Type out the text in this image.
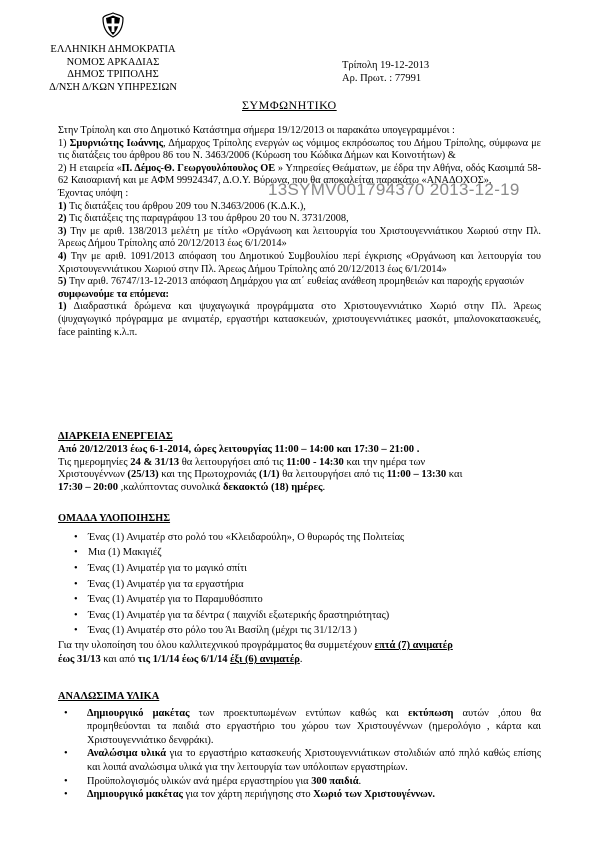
ΕΛΛΗΝΙΚΗ ΔΗΜΟΚΡΑΤΙΑ
ΝΟΜΟΣ ΑΡΚΑΔΙΑΣ
ΔΗΜΟΣ ΤΡΙΠΟΛΗΣ
Δ/ΝΣΗ Δ/ΚΩΝ ΥΠΗΡΕΣΙΩΝ
Τρίπολη 19-12-2013
Αρ. Πρωτ. : 77991
ΣΥΜΦΩΝΗΤΙΚΟ
Στην Τρίπολη και στο Δημοτικό Κατάστημα σήμερα 19/12/2013 οι παρακάτω υπογεγραμμένοι :
1) Σμυρνιώτης Ιωάννης, Δήμαρχος Τρίπολης ενεργών ως νόμιμος εκπρόσωπος του Δήμου Τρίπολης, σύμφωνα με τις διατάξεις του άρθρου 86 του Ν. 3463/2006 (Κύρωση του Κώδικα Δήμων και Κοινοτήτων) &
2) Η εταιρεία «Π. Δέμος-Θ. Γεωργουλόπουλος ΟΕ » Υπηρεσίες Θεάματων, με έδρα την Αθήνα, οδός Κασιμπά 58-62 Καισαριανή και με ΑΦΜ 99924347, Δ.Ο.Υ. Βύρωνα, που θα αποκαλείται παρακάτω «ΑΝΑΔΟΧΟΣ»,
Έχοντας υπόψη :
1) Τις διατάξεις του άρθρου 209 του Ν.3463/2006 (Κ.Δ.Κ.),
2) Τις διατάξεις της παραγράφου 13 του άρθρου 20 του Ν. 3731/2008,
3) Την με αριθ. 138/2013 μελέτη με τίτλο «Οργάνωση και λειτουργία του Χριστουγεννιάτικου Χωριού στην Πλ. Άρεως Δήμου Τρίπολης από 20/12/2013 έως 6/1/2014»
4) Την με αριθ. 1091/2013 απόφαση του Δημοτικού Συμβουλίου περί έγκρισης «Οργάνωση και λειτουργία του Χριστουγεννιάτικου Χωριού στην Πλ. Άρεως Δήμου Τρίπολης από 20/12/2013 έως 6/1/2014»
5) Την αριθ. 76747/13-12-2013 απόφαση Δημάρχου για απ΄ ευθείας ανάθεση προμηθειών και παροχής εργασιών
συμφωνούμε τα επόμενα:
1) Διαδραστικά δρώμενα και ψυχαγωγικά προγράμματα στο Χριστουγεννιάτικο Χωριό στην Πλ. Άρεως (ψυχαγωγικό πρόγραμμα με ανιματέρ, εργαστήρι κατασκευών, χριστουγεννιάτικες μασκότ, μπαλονοκατασκευές, face painting κ.λ.π.
13SYMV001794370 2013-12-19
ΔΙΑΡΚΕΙΑ ΕΝΕΡΓΕΙΑΣ
Από 20/12/2013 έως 6-1-2014, ώρες λειτουργίας 11:00 – 14:00 και 17:30 – 21:00 .
Τις ημερομηνίες 24 & 31/13 θα λειτουργήσει από τις 11:00 - 14:30 και την ημέρα των
Χριστουγέννων (25/13) και της Πρωτοχρονιάς (1/1) θα λειτουργήσει από τις 11:00 – 13:30 και
17:30 – 20:00 ,καλύπτοντας συνολικά δεκαοκτώ (18) ημέρες.
ΟΜΑΔΑ ΥΛΟΠΟΙΗΣΗΣ
• Ένας (1) Ανιματέρ στο ρολό του «Κλειδαρούλη», Ο θυρωρός της Πολιτείας
• Μια (1) Μακιγιέζ
• Ένας (1) Ανιματέρ για το μαγικό σπίτι
• Ένας (1) Ανιματέρ για τα εργαστήρια
• Ένας (1) Ανιματέρ για το Παραμυθόσπιτο
• Ένας (1) Ανιματέρ για τα δέντρα ( παιχνίδι εξωτερικής δραστηριότητας)
• Ένας (1) Ανιματέρ στο ρόλο του Άι Βασίλη (μέχρι τις 31/12/13 )
Για την υλοποίηση του όλου καλλιτεχνικού προγράμματος θα συμμετέχουν επτά (7) ανιματέρ
έως 31/13 και από τις 1/1/14 έως 6/1/14 έξι (6) ανιματέρ.
ΑΝΑΛΩΣΙΜΑ ΥΛΙΚΑ
• Δημιουργικό μακέτας των προεκτυπωμένων εντύπων καθώς και εκτύπωση αυτών ,όπου θα προμηθεύονται τα παιδιά στο εργαστήριο του χώρου των Χριστουγέννων (ημερολόγιο , κάρτα και Χριστουγεννιάτικο δενφράκι).
• Αναλώσιμα υλικά για το εργαστήριο κατασκευής Χριστουγεννιάτικων στολιδιών από πηλό καθώς επίσης και λοιπά αναλώσιμα υλικά για την λειτουργία των υπόλοιπων εργαστηρίων.
• Προϋπολογισμός υλικών ανά ημέρα εργαστηρίου για 300 παιδιά.
• Δημιουργικό μακέτας για τον χάρτη περιήγησης στο Χωριό των Χριστουγέννων.
